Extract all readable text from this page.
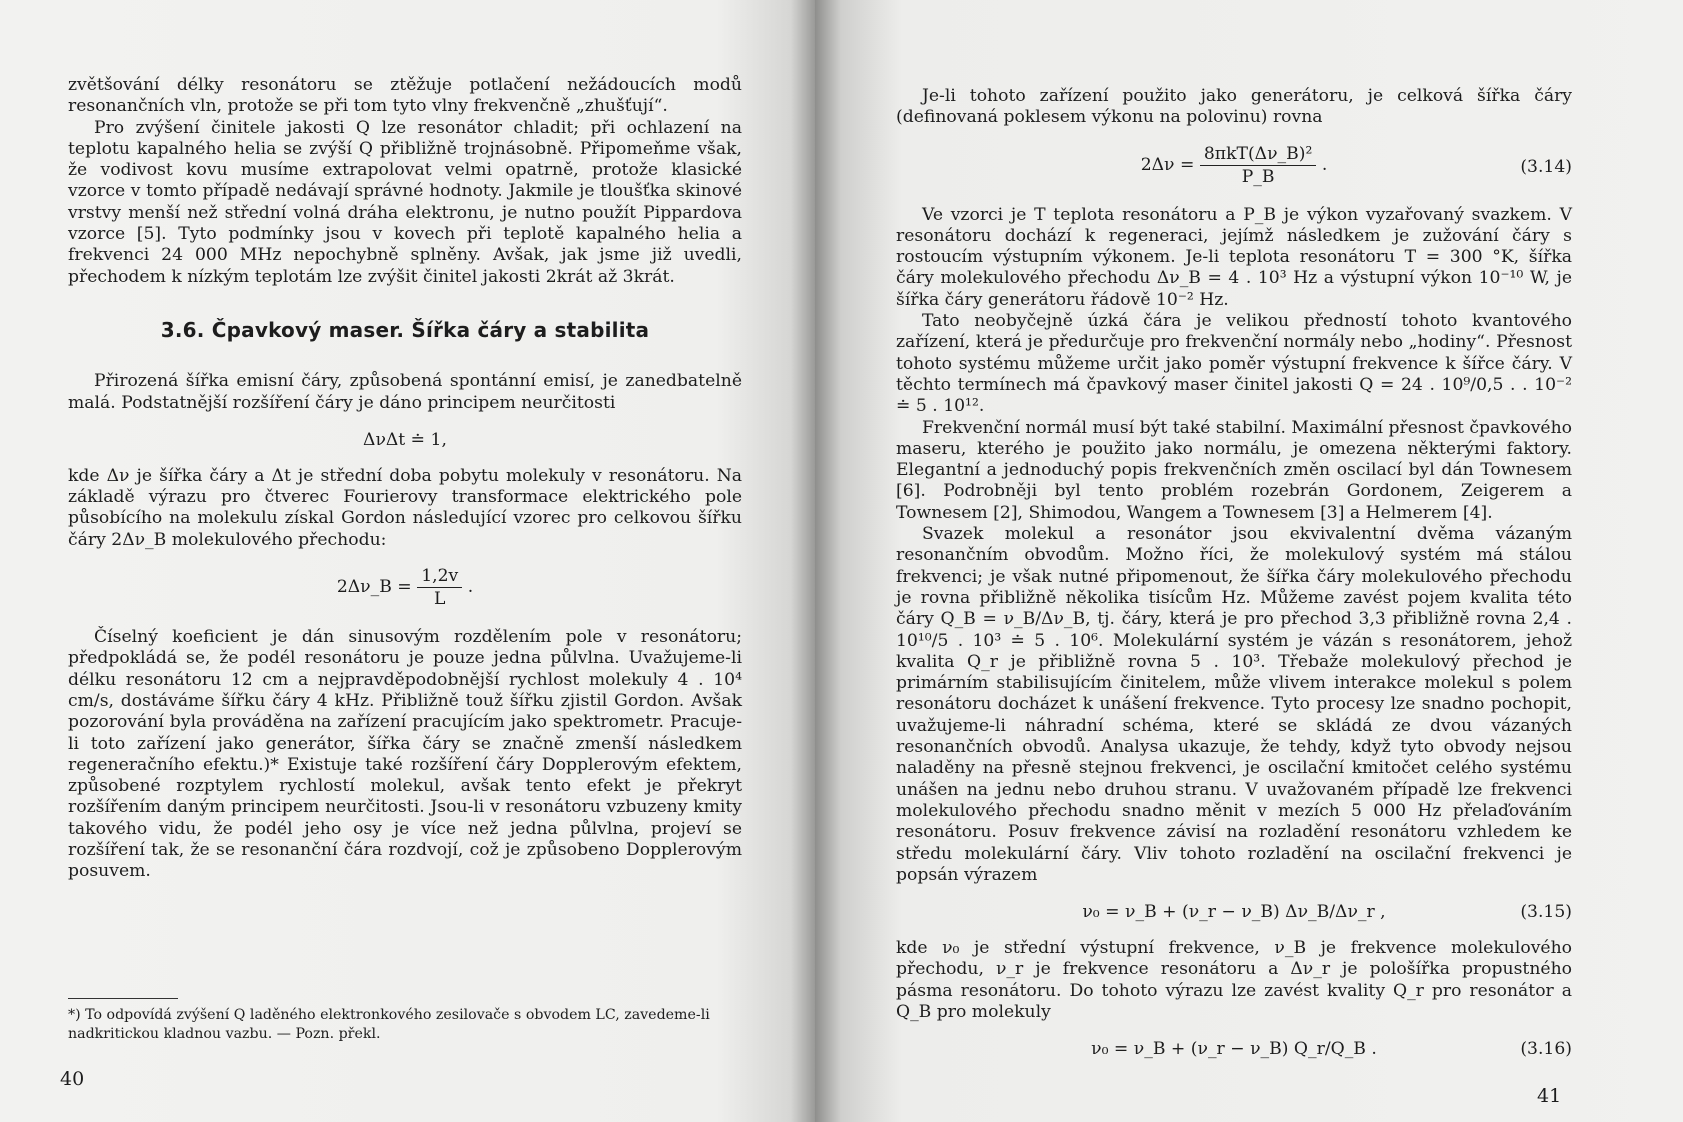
zvětšování délky resonátoru se ztěžuje potlačení nežádoucích modů resonančních vln, protože se při tom tyto vlny frekvenčně „zhušťují“.

Pro zvýšení činitele jakosti Q lze resonátor chladit; při ochlazení na teplotu kapalného helia se zvýší Q přibližně trojnásobně. Připomeňme však, že vodivost kovu musíme extrapolovat velmi opatrně, protože klasické vzorce v tomto případě nedávají správné hodnoty. Jakmile je tloušťka skinové vrstvy menší než střední volná dráha elektronu, je nutno použít Pippardova vzorce [5]. Tyto podmínky jsou v kovech při teplotě kapalného helia a frekvenci 24 000 MHz nepochybně splněny. Avšak, jak jsme již uvedli, přechodem k nízkým teplotám lze zvýšit činitel jakosti 2krát až 3krát.

3.6. Čpavkový maser. Šířka čáry a stabilita

Přirozená šířka emisní čáry, způsobená spontánní emisí, je zanedbatelně malá. Podstatnější rozšíření čáry je dáno principem neurčitosti

ΔνΔt ≐ 1,

kde Δν je šířka čáry a Δt je střední doba pobytu molekuly v resonátoru. Na základě výrazu pro čtverec Fourierovy transformace elektrického pole působícího na molekulu získal Gordon následující vzorec pro celkovou šířku čáry 2Δν_B molekulového přechodu:

2Δν_B = $\frac{1,2v}{L}$ .

Číselný koeficient je dán sinusovým rozdělením pole v resonátoru; předpokládá se, že podél resonátoru je pouze jedna půlvlna. Uvažujeme-li délku resonátoru 12 cm a nejpravděpodobnější rychlost molekuly 4 . 10⁴ cm/s, dostáváme šířku čáry 4 kHz. Přibližně touž šířku zjistil Gordon. Avšak pozorování byla prováděna na zařízení pracujícím jako spektrometr. Pracuje-li toto zařízení jako generátor, šířka čáry se značně zmenší následkem regeneračního efektu.)* Existuje také rozšíření čáry Dopplerovým efektem, způsobené rozptylem rychlostí molekul, avšak tento efekt je překryt rozšířením daným principem neurčitosti. Jsou-li v resonátoru vzbuzeny kmity takového vidu, že podél jeho osy je více než jedna půlvlna, projeví se rozšíření tak, že se resonanční čára rozdvojí, což je způsobeno Dopplerovým posuvem.

*) To odpovídá zvýšení Q laděného elektronkového zesilovače s obvodem LC, zavedeme-li nadkritickou kladnou vazbu. — Pozn. překl.
40

Je-li tohoto zařízení použito jako generátoru, je celková šířka čáry (definovaná poklesem výkonu na polovinu) rovna

$2\Delta\nu = \frac{\text{8πkT(Δν\_B)²}}{P\_B}$ .	(3.14)

Ve vzorci je T teplota resonátoru a P_B je výkon vyzařovaný svazkem. V resonátoru dochází k regeneraci, jejímž následkem je zužování čáry s rostoucím výstupním výkonem. Je-li teplota resonátoru T = 300 °K, šířka čáry molekulového přechodu Δν_B = 4 . 10³ Hz a výstupní výkon 10⁻¹⁰ W, je šířka čáry generátoru řádově 10⁻² Hz.

Tato neobyčejně úzká čára je velikou předností tohoto kvantového zařízení, která je předurčuje pro frekvenční normály nebo „hodiny“. Přesnost tohoto systému můžeme určit jako poměr výstupní frekvence k šířce čáry. V těchto termínech má čpavkový maser činitel jakosti Q = 24 . 10⁹/0,5 . . 10⁻² ≐ 5 . 10¹².

Frekvenční normál musí být také stabilní. Maximální přesnost čpavkového maseru, kterého je použito jako normálu, je omezena některými faktory. Elegantní a jednoduchý popis frekvenčních změn oscilací byl dán Townesem [6]. Podrobněji byl tento problém rozebrán Gordonem, Zeigerem a Townesem [2], Shimodou, Wangem a Townesem [3] a Helmerem [4].

Svazek molekul a resonátor jsou ekvivalentní dvěma vázaným resonančním obvodům. Možno říci, že molekulový systém má stálou frekvenci; je však nutné připomenout, že šířka čáry molekulového přechodu je rovna přibližně několika tisícům Hz. Můžeme zavést pojem kvalita této čáry Q_B = ν_B/Δν_B, tj. čáry, která je pro přechod 3,3 přibližně rovna 2,4 . 10¹⁰/5 . 10³ ≐ 5 . 10⁶. Molekulární systém je vázán s resonátorem, jehož kvalita Q_r je přibližně rovna 5 . 10³. Třebaže molekulový přechod je primárním stabilisujícím činitelem, může vlivem interakce molekul s polem resonátoru docházet k unášení frekvence. Tyto procesy lze snadno pochopit, uvažujeme-li náhradní schéma, které se skládá ze dvou vázaných resonančních obvodů. Analysa ukazuje, že tehdy, když tyto obvody nejsou naladěny na přesně stejnou frekvenci, je oscilační kmitočet celého systému unášen na jednu nebo druhou stranu. V uvažovaném případě lze frekvenci molekulového přechodu snadno měnit v mezích 5 000 Hz přelaďováním resonátoru. Posuv frekvence závisí na rozladění resonátoru vzhledem ke středu molekulární čáry. Vliv tohoto rozladění na oscilační frekvenci je popsán výrazem

ν₀ = ν_B + (ν_r − ν_B) Δν_B/Δν_r ,	(3.15)

kde ν₀ je střední výstupní frekvence, ν_B je frekvence molekulového přechodu, ν_r je frekvence resonátoru a Δν_r je pološířka propustného pásma resonátoru. Do tohoto výrazu lze zavést kvality Q_r pro resonátor a Q_B pro molekuly

ν₀ = ν_B + (ν_r − ν_B) Q_r/Q_B .	(3.16)
41
